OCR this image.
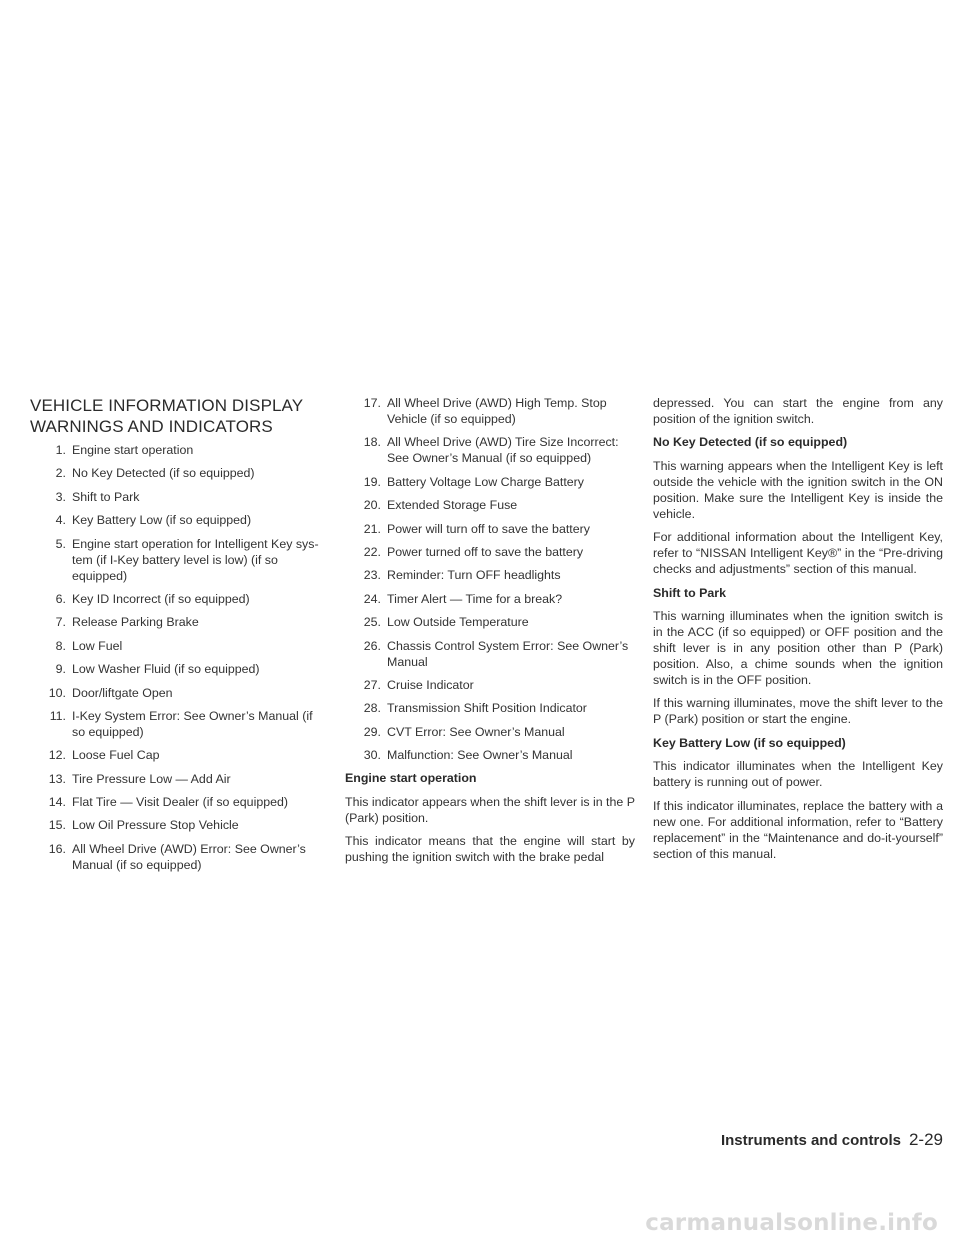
VEHICLE INFORMATION DISPLAY
WARNINGS AND INDICATORS
1. Engine start operation
2. No Key Detected (if so equipped)
3. Shift to Park
4. Key Battery Low (if so equipped)
5. Engine start operation for Intelligent Key sys-tem (if I-Key battery level is low) (if so equipped)
6. Key ID Incorrect (if so equipped)
7. Release Parking Brake
8. Low Fuel
9. Low Washer Fluid (if so equipped)
10. Door/liftgate Open
11. I-Key System Error: See Owner’s Manual (if so equipped)
12. Loose Fuel Cap
13. Tire Pressure Low — Add Air
14. Flat Tire — Visit Dealer (if so equipped)
15. Low Oil Pressure Stop Vehicle
16. All Wheel Drive (AWD) Error: See Owner’s Manual (if so equipped)
17. All Wheel Drive (AWD) High Temp. Stop Vehicle (if so equipped)
18. All Wheel Drive (AWD) Tire Size Incorrect: See Owner’s Manual (if so equipped)
19. Battery Voltage Low Charge Battery
20. Extended Storage Fuse
21. Power will turn off to save the battery
22. Power turned off to save the battery
23. Reminder: Turn OFF headlights
24. Timer Alert — Time for a break?
25. Low Outside Temperature
26. Chassis Control System Error: See Owner’s Manual
27. Cruise Indicator
28. Transmission Shift Position Indicator
29. CVT Error: See Owner’s Manual
30. Malfunction: See Owner’s Manual
Engine start operation

This indicator appears when the shift lever is in the P (Park) position.

This indicator means that the engine will start by pushing the ignition switch with the brake pedal

depressed. You can start the engine from any position of the ignition switch.

No Key Detected (if so equipped)

This warning appears when the Intelligent Key is left outside the vehicle with the ignition switch in the ON position. Make sure the Intelligent Key is inside the vehicle.

For additional information about the Intelligent Key, refer to “NISSAN Intelligent Key®” in the “Pre-driving checks and adjustments” section of this manual.

Shift to Park

This warning illuminates when the ignition switch is in the ACC (if so equipped) or OFF position and the shift lever is in any position other than P (Park) position. Also, a chime sounds when the ignition switch is in the OFF position.

If this warning illuminates, move the shift lever to the P (Park) position or start the engine.

Key Battery Low (if so equipped)

This indicator illuminates when the Intelligent Key battery is running out of power.

If this indicator illuminates, replace the battery with a new one. For additional information, refer to “Battery replacement” in the “Maintenance and do-it-yourself” section of this manual.

Instruments and controls 2-29
carmanualsonline.info
